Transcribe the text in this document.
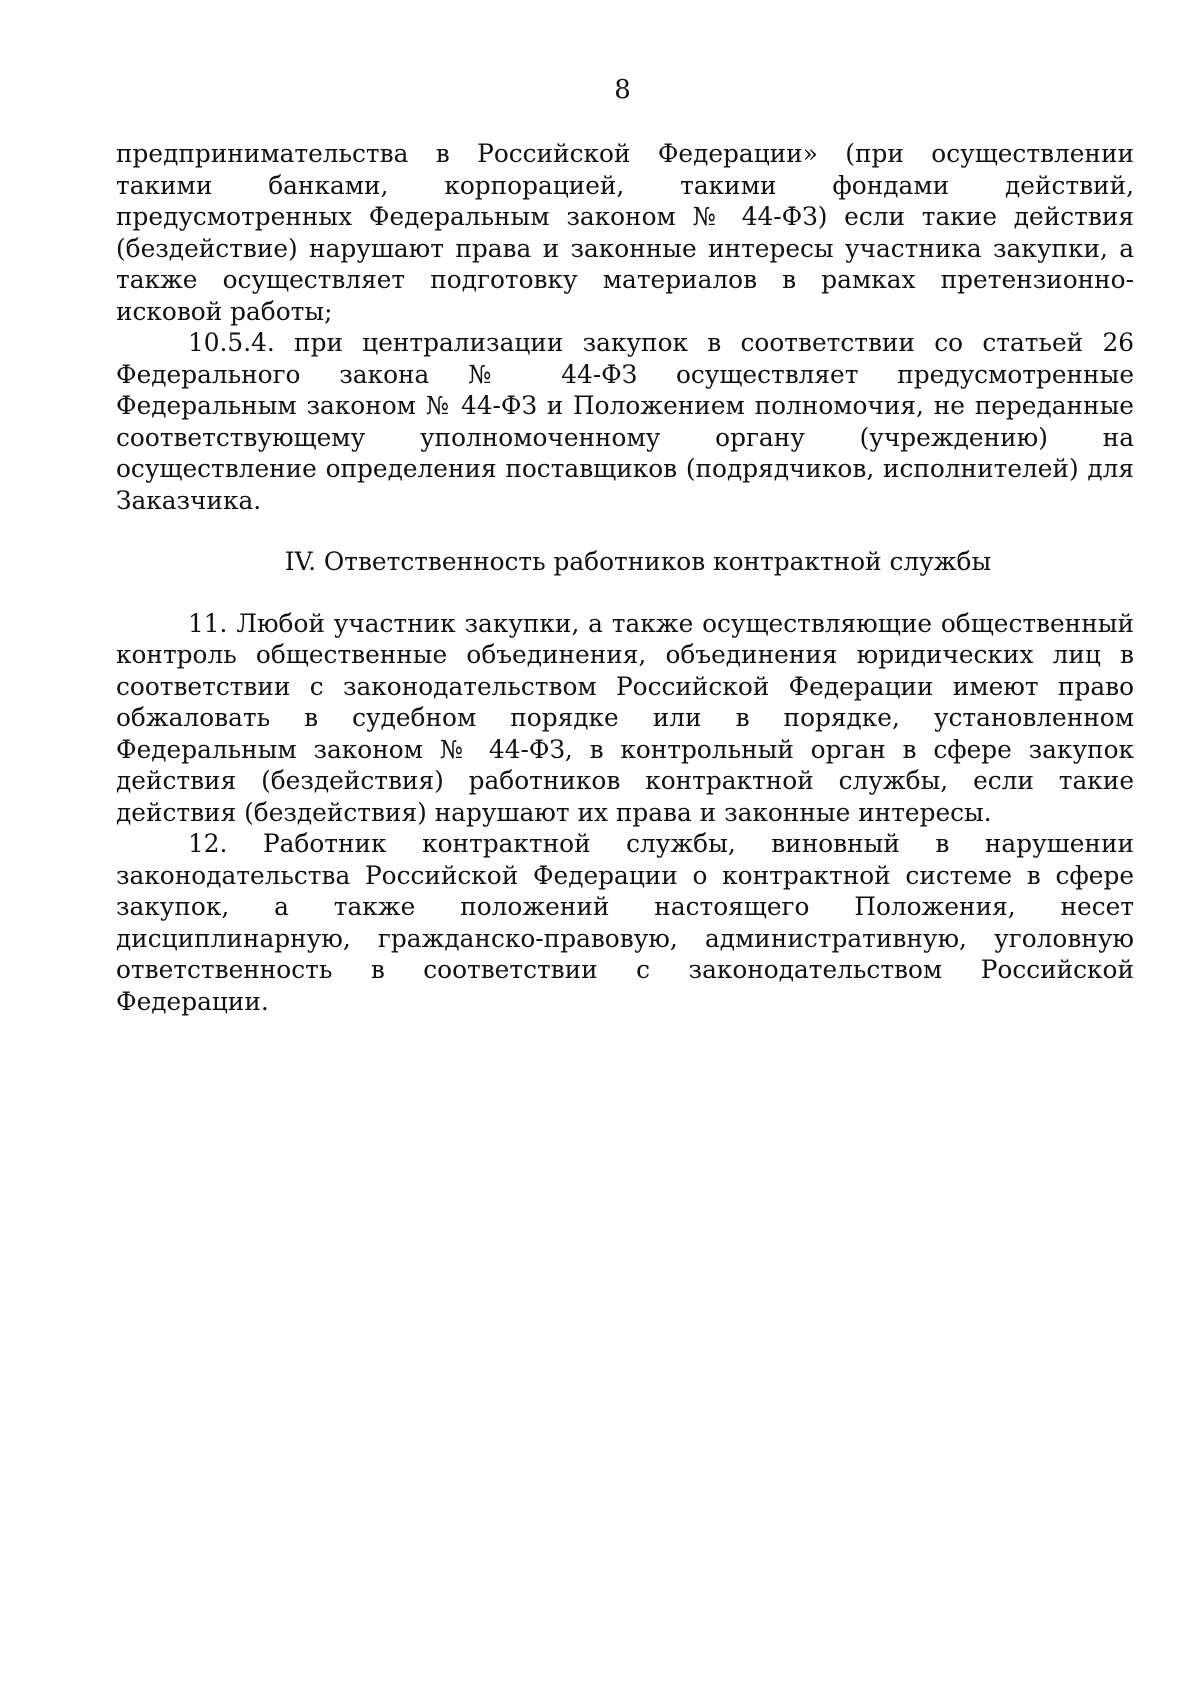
8

предпринимательства в Российской Федерации» (при осуществлении такими банками, корпорацией, такими фондами действий, предусмотренных Федеральным законом № 44-ФЗ) если такие действия (бездействие) нарушают права и законные интересы участника закупки, а также осуществляет подготовку материалов в рамках претензионно-исковой работы;

10.5.4. при централизации закупок в соответствии со статьей 26 Федерального закона № 44-ФЗ осуществляет предусмотренные Федеральным законом № 44-ФЗ и Положением полномочия, не переданные соответствующему уполномоченному органу (учреждению) на осуществление определения поставщиков (подрядчиков, исполнителей) для Заказчика.

IV. Ответственность работников контрактной службы

11. Любой участник закупки, а также осуществляющие общественный контроль общественные объединения, объединения юридических лиц в соответствии с законодательством Российской Федерации имеют право обжаловать в судебном порядке или в порядке, установленном Федеральным законом № 44-ФЗ, в контрольный орган в сфере закупок действия (бездействия) работников контрактной службы, если такие действия (бездействия) нарушают их права и законные интересы.

12. Работник контрактной службы, виновный в нарушении законодательства Российской Федерации о контрактной системе в сфере закупок, а также положений настоящего Положения, несет дисциплинарную, гражданско-правовую, административную, уголовную ответственность в соответствии с законодательством Российской Федерации.
